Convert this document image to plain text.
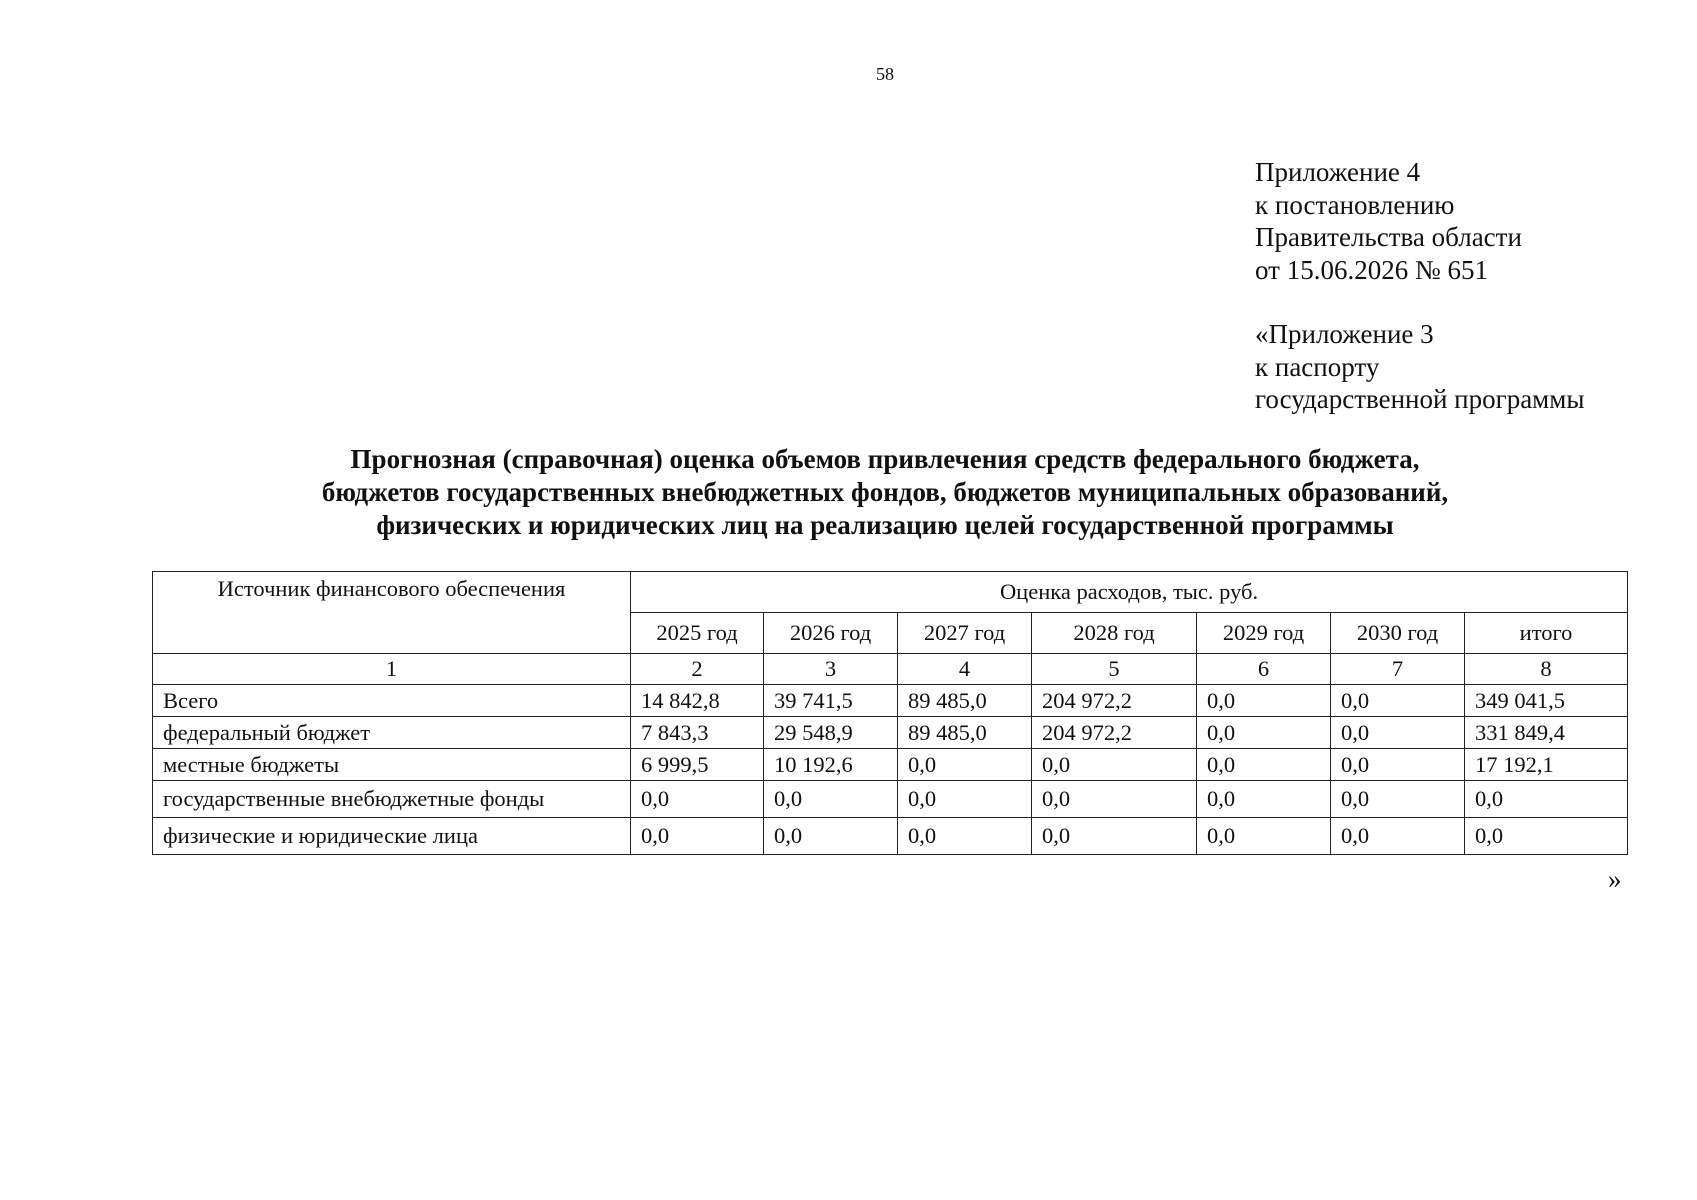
58
Приложение 4
к постановлению
Правительства области
от 15.06.2026 № 651
«Приложение 3
к паспорту
государственной программы
Прогнозная (справочная) оценка объемов привлечения средств федерального бюджета,
бюджетов государственных внебюджетных фондов, бюджетов муниципальных образований,
физических и юридических лиц на реализацию целей государственной программы
Источник финансового обеспечения	Оценка расходов, тыс. руб.						
	2025 год	2026 год	2027 год	2028 год	2029 год	2030 год	итого
1	2	3	4	5	6	7	8
Всего	14 842,8	39 741,5	89 485,0	204 972,2	0,0	0,0	349 041,5
федеральный бюджет	7 843,3	29 548,9	89 485,0	204 972,2	0,0	0,0	331 849,4
местные бюджеты	6 999,5	10 192,6	0,0	0,0	0,0	0,0	17 192,1
государственные внебюджетные фонды	0,0	0,0	0,0	0,0	0,0	0,0	0,0
физические и юридические лица	0,0	0,0	0,0	0,0	0,0	0,0	0,0
»
